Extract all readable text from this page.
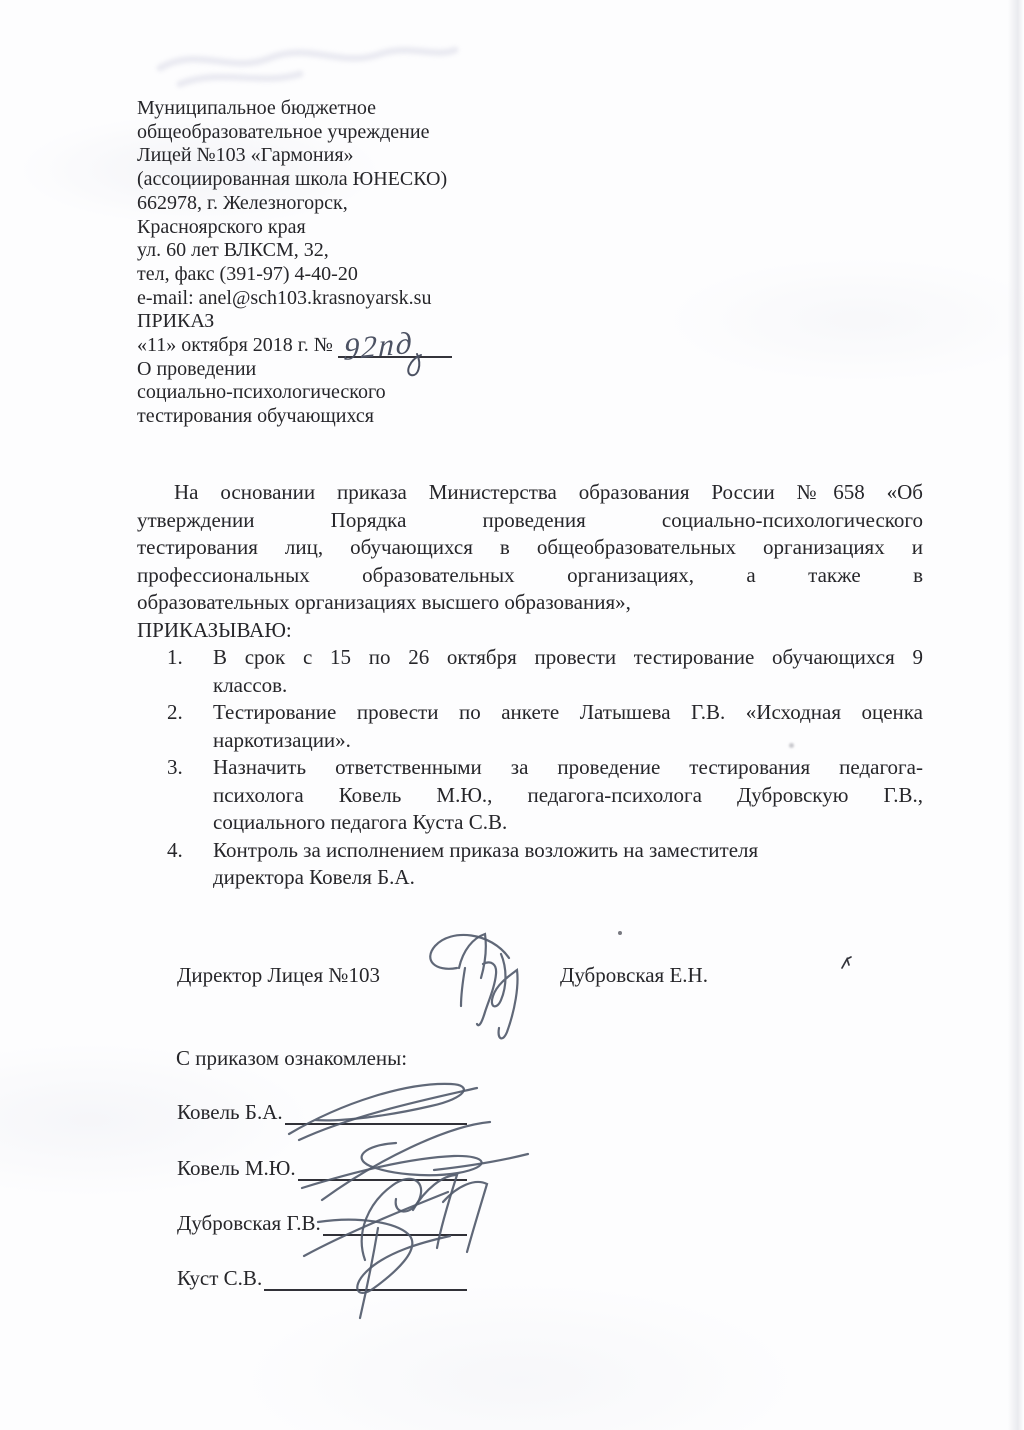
Муниципальное бюджетное
общеобразовательное учреждение
Лицей №103 «Гармония»
(ассоциированная школа ЮНЕСКО)
662978, г. Железногорск,
Красноярского края
ул. 60 лет ВЛКСМ, 32,
тел, факс (391-97) 4-40-20
e-mail: anel@sch103.krasnoyarsk.su
ПРИКАЗ
«11» октября 2018 г. № 92пд
О проведении
социально-психологического
тестирования обучающихся
На основании приказа Министерства образования России №658 «Об
утверждении Порядка проведения социально-психологического
тестирования лиц, обучающихся в общеобразовательных организациях и
профессиональных образовательных организациях, а также в
образовательных организациях высшего образования»,
ПРИКАЗЫВАЮ:
1.	В срок с 15 по 26 октября провести тестирование обучающихся 9
классов.
2.	Тестирование провести по анкете Латышева Г.В. «Исходная оценка
наркотизации».
3.	Назначить ответственными за проведение тестирования педагога-
психолога Ковель М.Ю., педагога-психолога Дубровскую Г.В.,
социального педагога Куста С.В.
4.	Контроль за исполнением приказа возложить на заместителя
директора Ковеля Б.А.
Директор Лицея №103	Дубровская Е.Н.
С приказом ознакомлены:
Ковель Б.А.
Ковель М.Ю.
Дубровская Г.В.
Куст С.В.
